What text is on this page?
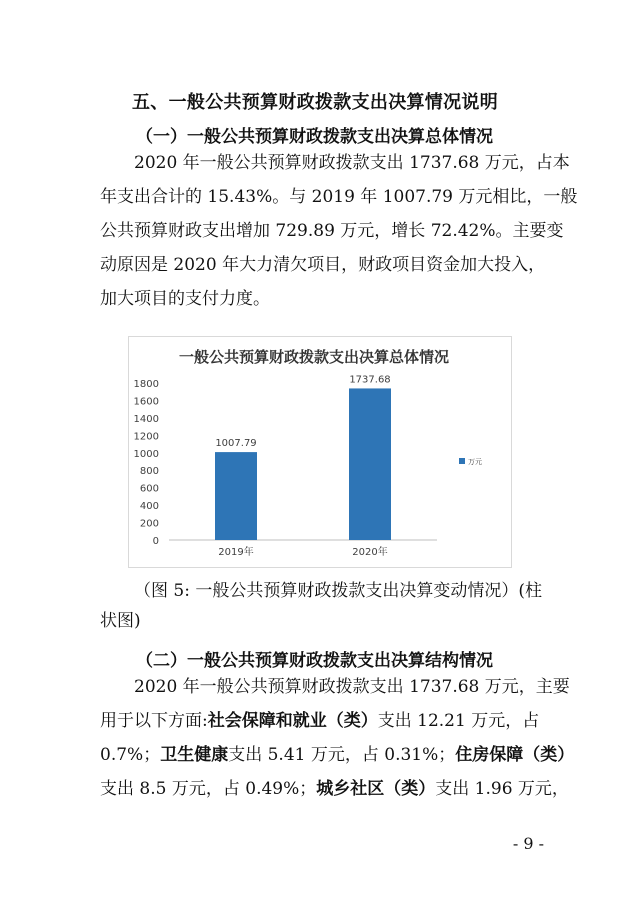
五、一般公共预算财政拨款支出决算情况说明
（一）一般公共预算财政拨款支出决算总体情况
2020 年一般公共预算财政拨款支出 1737.68 万元，占本
年支出合计的 15.43%。与 2019 年 1007.79 万元相比，一般
公共预算财政支出增加 729.89 万元，增长 72.42%。主要变
动原因是 2020 年大力清欠项目，财政项目资金加大投入，
加大项目的支付力度。
一般公共预算财政拨款支出决算总体情况
0
200
400
600
800
1000
1200
1400
1600
1800
1007.79
2019年
1737.68
2020年
万元
（图 5: 一般公共预算财政拨款支出决算变动情况）(柱
状图)
（二）一般公共预算财政拨款支出决算结构情况
2020 年一般公共预算财政拨款支出 1737.68 万元，主要
用于以下方面:社会保障和就业（类）支出 12.21 万元，占
0.7%；卫生健康支出 5.41 万元，占 0.31%；住房保障（类）
支出 8.5 万元，占 0.49%；城乡社区（类）支出 1.96 万元，
- 9 -
